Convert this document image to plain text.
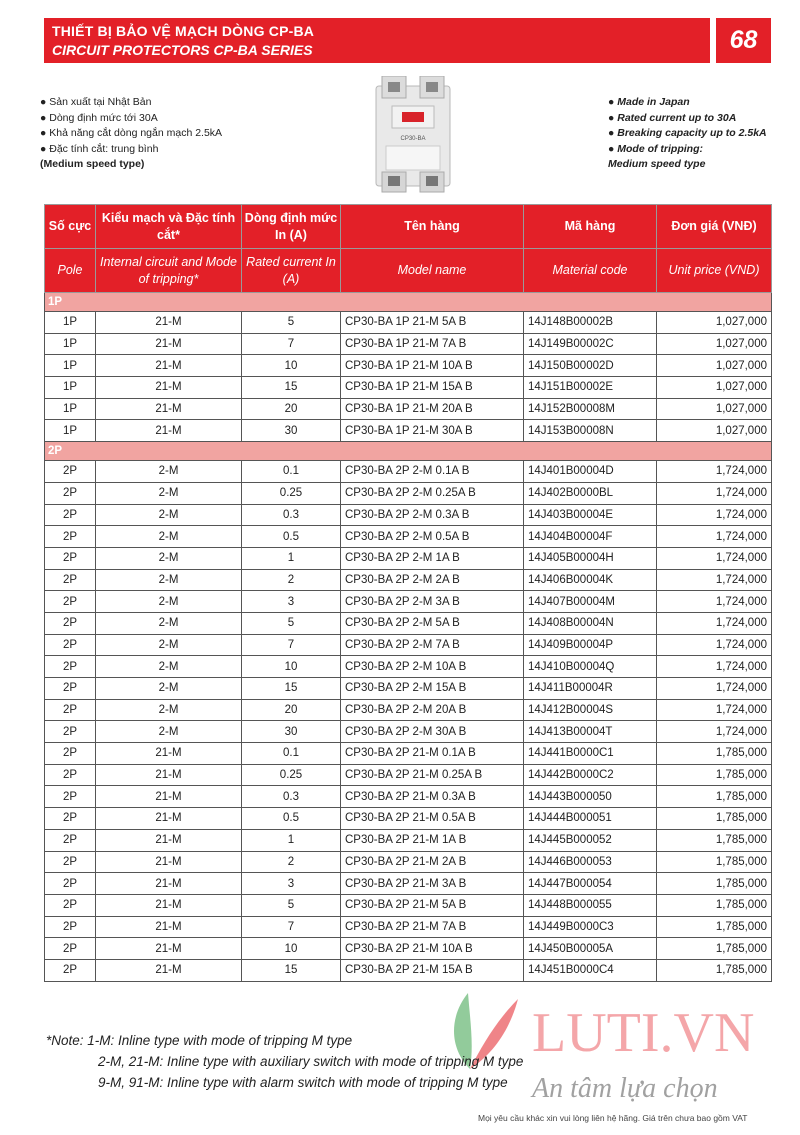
THIẾT BỊ BẢO VỆ MẠCH DÒNG CP-BA
CIRCUIT PROTECTORS CP-BA SERIES	68
● Sản xuất tại Nhật Bản
● Dòng định mức tới 30A
● Khả năng cắt dòng ngắn mạch 2.5kA
● Đặc tính cắt: trung bình
(Medium speed type)
CP30-BA
● Made in Japan
● Rated current up to 30A
● Breaking capacity up to 2.5kA
● Mode of tripping:
Medium speed type
Số cực	Kiểu mạch và Đặc tính cắt*	Dòng định mức In (A)	Tên hàng	Mã hàng	Đơn giá (VNĐ)
Pole	Internal circuit and Mode of tripping*	Rated current In (A)	Model name	Material code	Unit price (VND)
1P					
1P	21-M	5	CP30-BA 1P 21-M 5A B	14J148B00002B	1,027,000
1P	21-M	7	CP30-BA 1P 21-M 7A B	14J149B00002C	1,027,000
1P	21-M	10	CP30-BA 1P 21-M 10A B	14J150B00002D	1,027,000
1P	21-M	15	CP30-BA 1P 21-M 15A B	14J151B00002E	1,027,000
1P	21-M	20	CP30-BA 1P 21-M 20A B	14J152B00008M	1,027,000
1P	21-M	30	CP30-BA 1P 21-M 30A B	14J153B00008N	1,027,000
2P					
2P	2-M	0.1	CP30-BA 2P 2-M 0.1A B	14J401B00004D	1,724,000
2P	2-M	0.25	CP30-BA 2P 2-M 0.25A B	14J402B0000BL	1,724,000
2P	2-M	0.3	CP30-BA 2P 2-M 0.3A B	14J403B00004E	1,724,000
2P	2-M	0.5	CP30-BA 2P 2-M 0.5A B	14J404B00004F	1,724,000
2P	2-M	1	CP30-BA 2P 2-M 1A B	14J405B00004H	1,724,000
2P	2-M	2	CP30-BA 2P 2-M 2A B	14J406B00004K	1,724,000
2P	2-M	3	CP30-BA 2P 2-M 3A B	14J407B00004M	1,724,000
2P	2-M	5	CP30-BA 2P 2-M 5A B	14J408B00004N	1,724,000
2P	2-M	7	CP30-BA 2P 2-M 7A B	14J409B00004P	1,724,000
2P	2-M	10	CP30-BA 2P 2-M 10A B	14J410B00004Q	1,724,000
2P	2-M	15	CP30-BA 2P 2-M 15A B	14J411B00004R	1,724,000
2P	2-M	20	CP30-BA 2P 2-M 20A B	14J412B00004S	1,724,000
2P	2-M	30	CP30-BA 2P 2-M 30A B	14J413B00004T	1,724,000
2P	21-M	0.1	CP30-BA 2P 21-M 0.1A B	14J441B0000C1	1,785,000
2P	21-M	0.25	CP30-BA 2P 21-M 0.25A B	14J442B0000C2	1,785,000
2P	21-M	0.3	CP30-BA 2P 21-M 0.3A B	14J443B000050	1,785,000
2P	21-M	0.5	CP30-BA 2P 21-M 0.5A B	14J444B000051	1,785,000
2P	21-M	1	CP30-BA 2P 21-M 1A B	14J445B000052	1,785,000
2P	21-M	2	CP30-BA 2P 21-M 2A B	14J446B000053	1,785,000
2P	21-M	3	CP30-BA 2P 21-M 3A B	14J447B000054	1,785,000
2P	21-M	5	CP30-BA 2P 21-M 5A B	14J448B000055	1,785,000
2P	21-M	7	CP30-BA 2P 21-M 7A B	14J449B0000C3	1,785,000
2P	21-M	10	CP30-BA 2P 21-M 10A B	14J450B00005A	1,785,000
2P	21-M	15	CP30-BA 2P 21-M 15A B	14J451B0000C4	1,785,000
LUTI.VN
An tâm lựa chọn
*Note: 1-M: Inline type with mode of tripping M type
2-M, 21-M: Inline type with auxiliary switch with mode of tripping M type
9-M, 91-M: Inline type with alarm switch with mode of tripping M type
Mọi yêu cầu khác xin vui lòng liên hệ hãng. Giá trên chưa bao gồm VAT
